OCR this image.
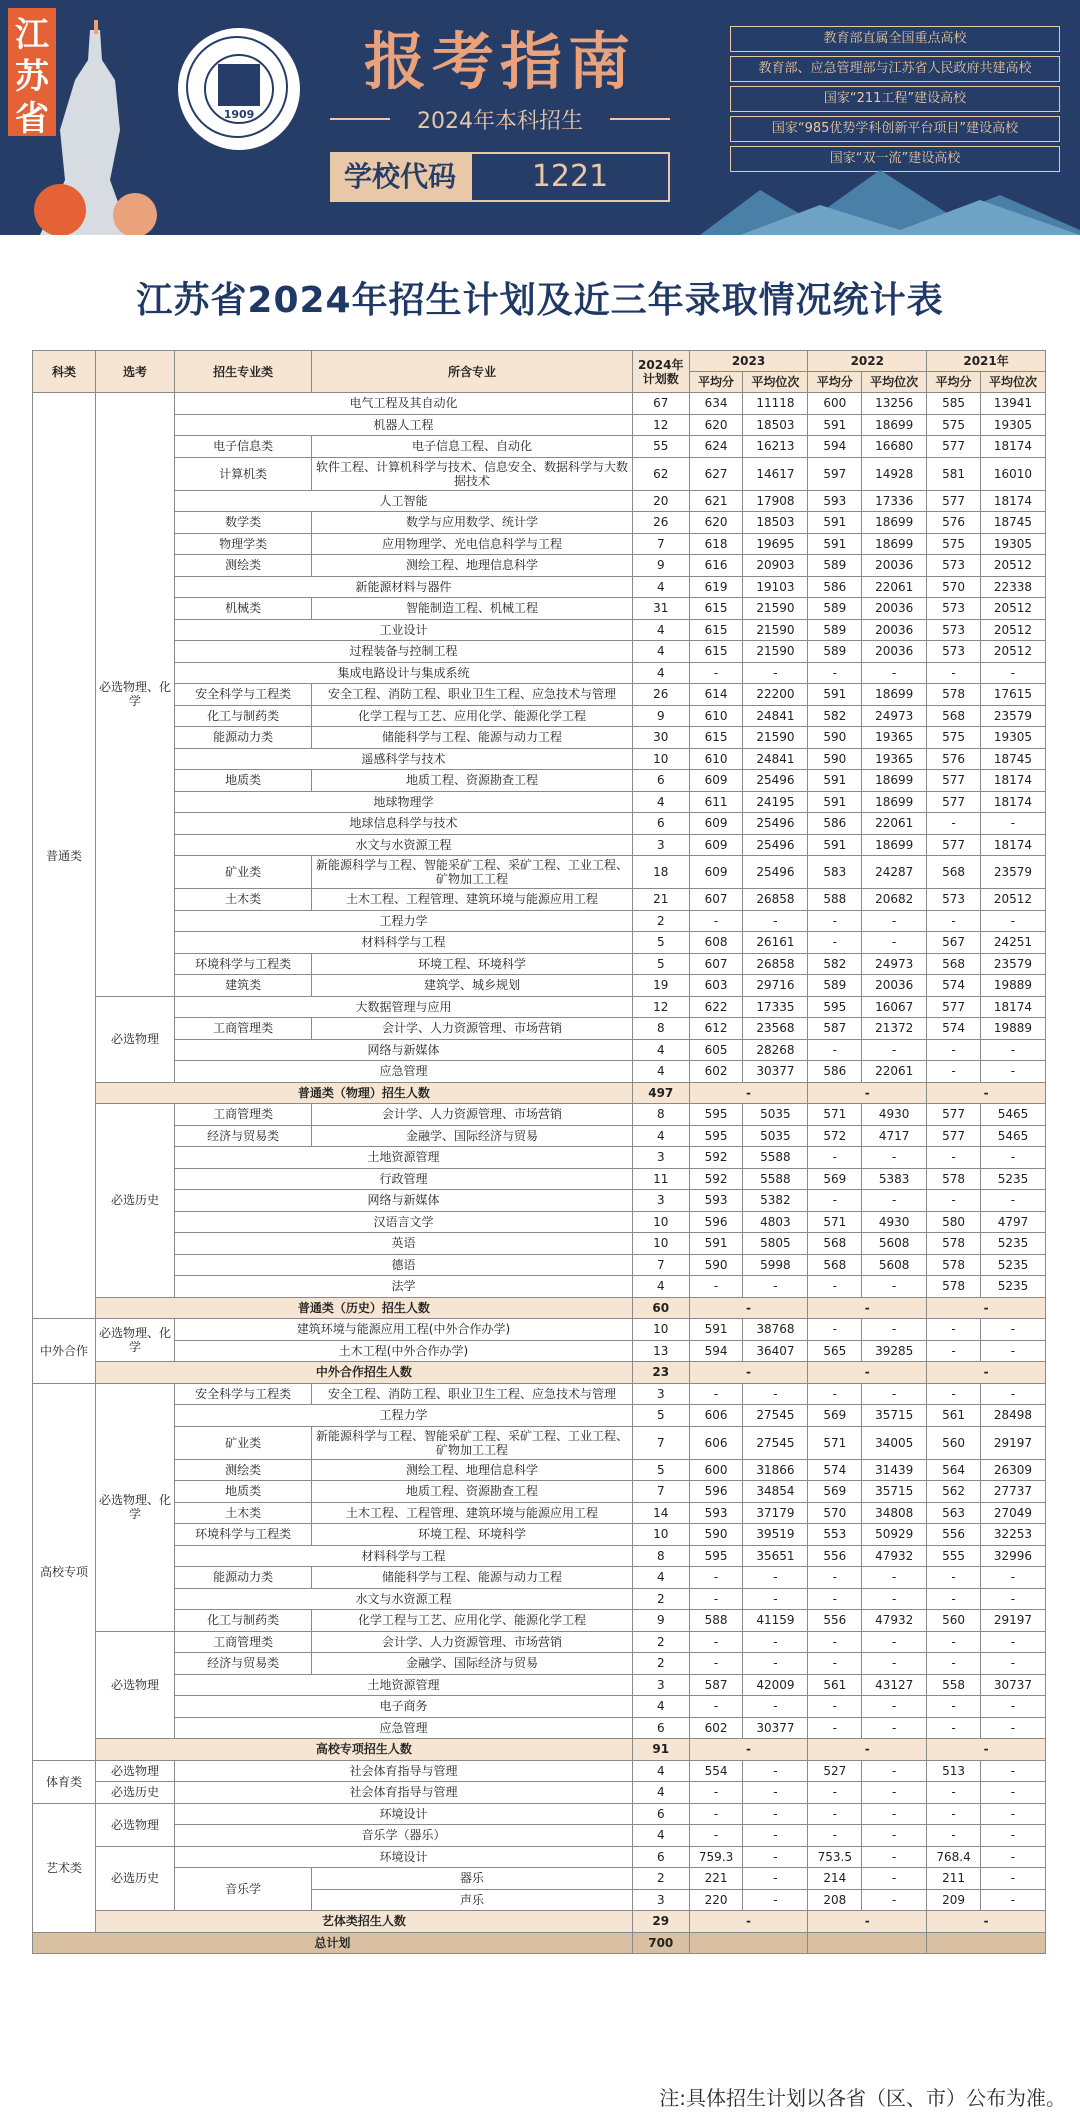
江苏省	1909
报考指南
2024年本科招生
学校代码	1221
教育部直属全国重点高校
教育部、应急管理部与江苏省人民政府共建高校
国家“211工程”建设高校
国家“985优势学科创新平台项目”建设高校
国家“双一流”建设高校
江苏省2024年招生计划及近三年录取情况统计表
科类	选考	招生专业类	所含专业	2024年计划数	2023		2022		2021年	
					平均分	平均位次	平均分	平均位次	平均分	平均位次
普通类	必选物理、化学	电气工程及其自动化		67	634	11118	600	13256	585	13941
		机器人工程		12	620	18503	591	18699	575	19305
		电子信息类	电子信息工程、自动化	55	624	16213	594	16680	577	18174
		计算机类	软件工程、计算机科学与技术、信息安全、数据科学与大数据技术	62	627	14617	597	14928	581	16010
		人工智能		20	621	17908	593	17336	577	18174
		数学类	数学与应用数学、统计学	26	620	18503	591	18699	576	18745
		物理学类	应用物理学、光电信息科学与工程	7	618	19695	591	18699	575	19305
		测绘类	测绘工程、地理信息科学	9	616	20903	589	20036	573	20512
		新能源材料与器件		4	619	19103	586	22061	570	22338
		机械类	智能制造工程、机械工程	31	615	21590	589	20036	573	20512
		工业设计		4	615	21590	589	20036	573	20512
		过程装备与控制工程		4	615	21590	589	20036	573	20512
		集成电路设计与集成系统		4	-	-	-	-	-	-
		安全科学与工程类	安全工程、消防工程、职业卫生工程、应急技术与管理	26	614	22200	591	18699	578	17615
		化工与制药类	化学工程与工艺、应用化学、能源化学工程	9	610	24841	582	24973	568	23579
		能源动力类	储能科学与工程、能源与动力工程	30	615	21590	590	19365	575	19305
		遥感科学与技术		10	610	24841	590	19365	576	18745
		地质类	地质工程、资源勘查工程	6	609	25496	591	18699	577	18174
		地球物理学		4	611	24195	591	18699	577	18174
		地球信息科学与技术		6	609	25496	586	22061	-	-
		水文与水资源工程		3	609	25496	591	18699	577	18174
		矿业类	新能源科学与工程、智能采矿工程、采矿工程、工业工程、矿物加工工程	18	609	25496	583	24287	568	23579
		土木类	土木工程、工程管理、建筑环境与能源应用工程	21	607	26858	588	20682	573	20512
		工程力学		2	-	-	-	-	-	-
		材料科学与工程		5	608	26161	-	-	567	24251
		环境科学与工程类	环境工程、环境科学	5	607	26858	582	24973	568	23579
		建筑类	建筑学、城乡规划	19	603	29716	589	20036	574	19889
	必选物理	大数据管理与应用		12	622	17335	595	16067	577	18174
		工商管理类	会计学、人力资源管理、市场营销	8	612	23568	587	21372	574	19889
		网络与新媒体		4	605	28268	-	-	-	-
		应急管理		4	602	30377	586	22061	-	-
	普通类（物理）招生人数			497	-		-		-	
	必选历史	工商管理类	会计学、人力资源管理、市场营销	8	595	5035	571	4930	577	5465
		经济与贸易类	金融学、国际经济与贸易	4	595	5035	572	4717	577	5465
		土地资源管理		3	592	5588	-	-	-	-
		行政管理		11	592	5588	569	5383	578	5235
		网络与新媒体		3	593	5382	-	-	-	-
		汉语言文学		10	596	4803	571	4930	580	4797
		英语		10	591	5805	568	5608	578	5235
		德语		7	590	5998	568	5608	578	5235
		法学		4	-	-	-	-	578	5235
	普通类（历史）招生人数			60	-		-		-	
中外合作	必选物理、化学	建筑环境与能源应用工程(中外合作办学)		10	591	38768	-	-	-	-
		土木工程(中外合作办学)		13	594	36407	565	39285	-	-
	中外合作招生人数			23	-		-		-	
高校专项	必选物理、化学	安全科学与工程类	安全工程、消防工程、职业卫生工程、应急技术与管理	3	-	-	-	-	-	-
		工程力学		5	606	27545	569	35715	561	28498
		矿业类	新能源科学与工程、智能采矿工程、采矿工程、工业工程、矿物加工工程	7	606	27545	571	34005	560	29197
		测绘类	测绘工程、地理信息科学	5	600	31866	574	31439	564	26309
		地质类	地质工程、资源勘查工程	7	596	34854	569	35715	562	27737
		土木类	土木工程、工程管理、建筑环境与能源应用工程	14	593	37179	570	34808	563	27049
		环境科学与工程类	环境工程、环境科学	10	590	39519	553	50929	556	32253
		材料科学与工程		8	595	35651	556	47932	555	32996
		能源动力类	储能科学与工程、能源与动力工程	4	-	-	-	-	-	-
		水文与水资源工程		2	-	-	-	-	-	-
		化工与制药类	化学工程与工艺、应用化学、能源化学工程	9	588	41159	556	47932	560	29197
	必选物理	工商管理类	会计学、人力资源管理、市场营销	2	-	-	-	-	-	-
		经济与贸易类	金融学、国际经济与贸易	2	-	-	-	-	-	-
		土地资源管理		3	587	42009	561	43127	558	30737
		电子商务		4	-	-	-	-	-	-
		应急管理		6	602	30377	-	-	-	-
	高校专项招生人数			91	-		-		-	
体育类	必选物理	社会体育指导与管理		4	554	-	527	-	513	-
	必选历史	社会体育指导与管理		4	-	-	-	-	-	-
艺术类	必选物理	环境设计		6	-	-	-	-	-	-
		音乐学（器乐）		4	-	-	-	-	-	-
	必选历史	环境设计		6	759.3	-	753.5	-	768.4	-
		音乐学	器乐	2	221	-	214	-	211	-
			声乐	3	220	-	208	-	209	-
	艺体类招生人数			29	-		-		-	
总计划				700						
注:具体招生计划以各省（区、市）公布为准。
